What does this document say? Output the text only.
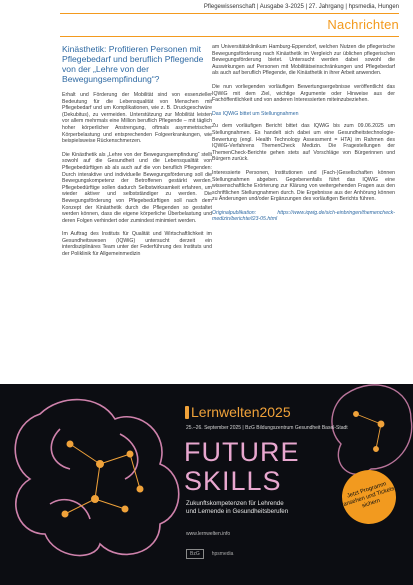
Pflegewissenschaft | Ausgabe 3-2025 | 27. Jahrgang | hpsmedia, Hungen
Nachrichten
Kinästhetik: Profitieren Personen mit Pflegebedarf und beruflich Pflegende von der „Lehre von der Bewegungsempfindung“?

Erhalt und Förderung der Mobilität sind von essenzieller Bedeutung für die Lebensqualität von Menschen mit Pflegebedarf und um Komplikationen, wie z. B. Druckgeschwüre (Dekubitus), zu vermeiden. Unterstützung zur Mobilität leisten vor allem mehrmals eine Million beruflich Pflegende – mit täglich hoher körperlicher Anstrengung, oftmals asymmetrischer Körperbelastung und entsprechenden Folgeerkrankungen, wie beispielsweise Rückenschmerzen.

Die Kinästhetik als „Lehre von der Bewegungsempfindung“ stellt sowohl auf die Gesundheit und die Lebensqualität von Pflegebedürftigen ab als auch auf die von beruflich Pflegenden: Durch interaktive und individuelle Bewegungsförderung soll die Bewegungskompetenz der Betroffenen gestärkt werden. Pflegebedürftige sollen dadurch Selbstwirksamkeit erfahren, um wieder aktiver und selbstständiger zu werden. Die Bewegungsförderung von Pflegebedürftigen soll nach dem Konzept der Kinästhetik durch die Pflegenden so gestaltet werden können, dass die eigene körperliche Überbelastung und deren Folgen verhindert oder zumindest minimiert werden.

Im Auftrag des Instituts für Qualität und Wirtschaftlichkeit im Gesundheitswesen (IQWiG) untersucht derzeit ein interdisziplinäres Team unter der Federführung des Instituts und der Poliklinik für Allgemeinmedizin

am Universitätsklinikum Hamburg-Eppendorf, welchen Nutzen die pflegerische Bewegungsförderung nach Kinästhetik im Vergleich zur üblichen pflegerischen Bewegungsförderung bietet. Untersucht werden dabei sowohl die Auswirkungen auf Personen mit Mobilitätseinschränkungen und Pflegebedarf als auch auf beruflich Pflegende, die Kinästhetik in ihrer Arbeit anwenden.

Die nun vorliegenden vorläufigen Bewertungsergebnisse veröffentlicht das IQWiG mit dem Ziel, wichtige Argumente oder Hinweise aus der Fachöffentlichkeit und von anderen Interessierten miteinzubeziehen.

Das IQWiG bittet um Stellungnahmen

Zu dem vorläufigen Bericht bittet das IQWiG bis zum 09.06.2025 um Stellungnahmen. Es handelt sich dabei um eine Gesundheitstechnologie-Bewertung (engl. Health Technology Assessment = HTA) im Rahmen des IQWiG-Verfahrens ThemenCheck Medizin. Die Fragestellungen der ThemenCheck-Berichte gehen stets auf Vorschläge von Bürgerinnen und Bürgern zurück.

Interessierte Personen, Institutionen und (Fach-)Gesellschaften können Stellungnahmen abgeben. Gegebenenfalls führt das IQWiG eine wissenschaftliche Erörterung zur Klärung von weitergehenden Fragen aus den schriftlichen Stellungnahmen durch. Die Ergebnisse aus der Anhörung können zu Änderungen und/oder Ergänzungen des vorläufigen Berichts führen.

Originalpublikation: https://www.iqwig.de/sich-einbringen/themencheck-medizin/berichte/t23-05.html

Lernwelten2025
25.–26. September 2025 | BzG Bildungszentrum Gesundheit Basel-Stadt
FUTURE
SKILLS
Zukunftskompetenzen für Lehrende
und Lernende in Gesundheitsberufen
www.lernwelten.info
Jetzt Programm ansehen und Tickets sichern
BzG	hpsmedia
